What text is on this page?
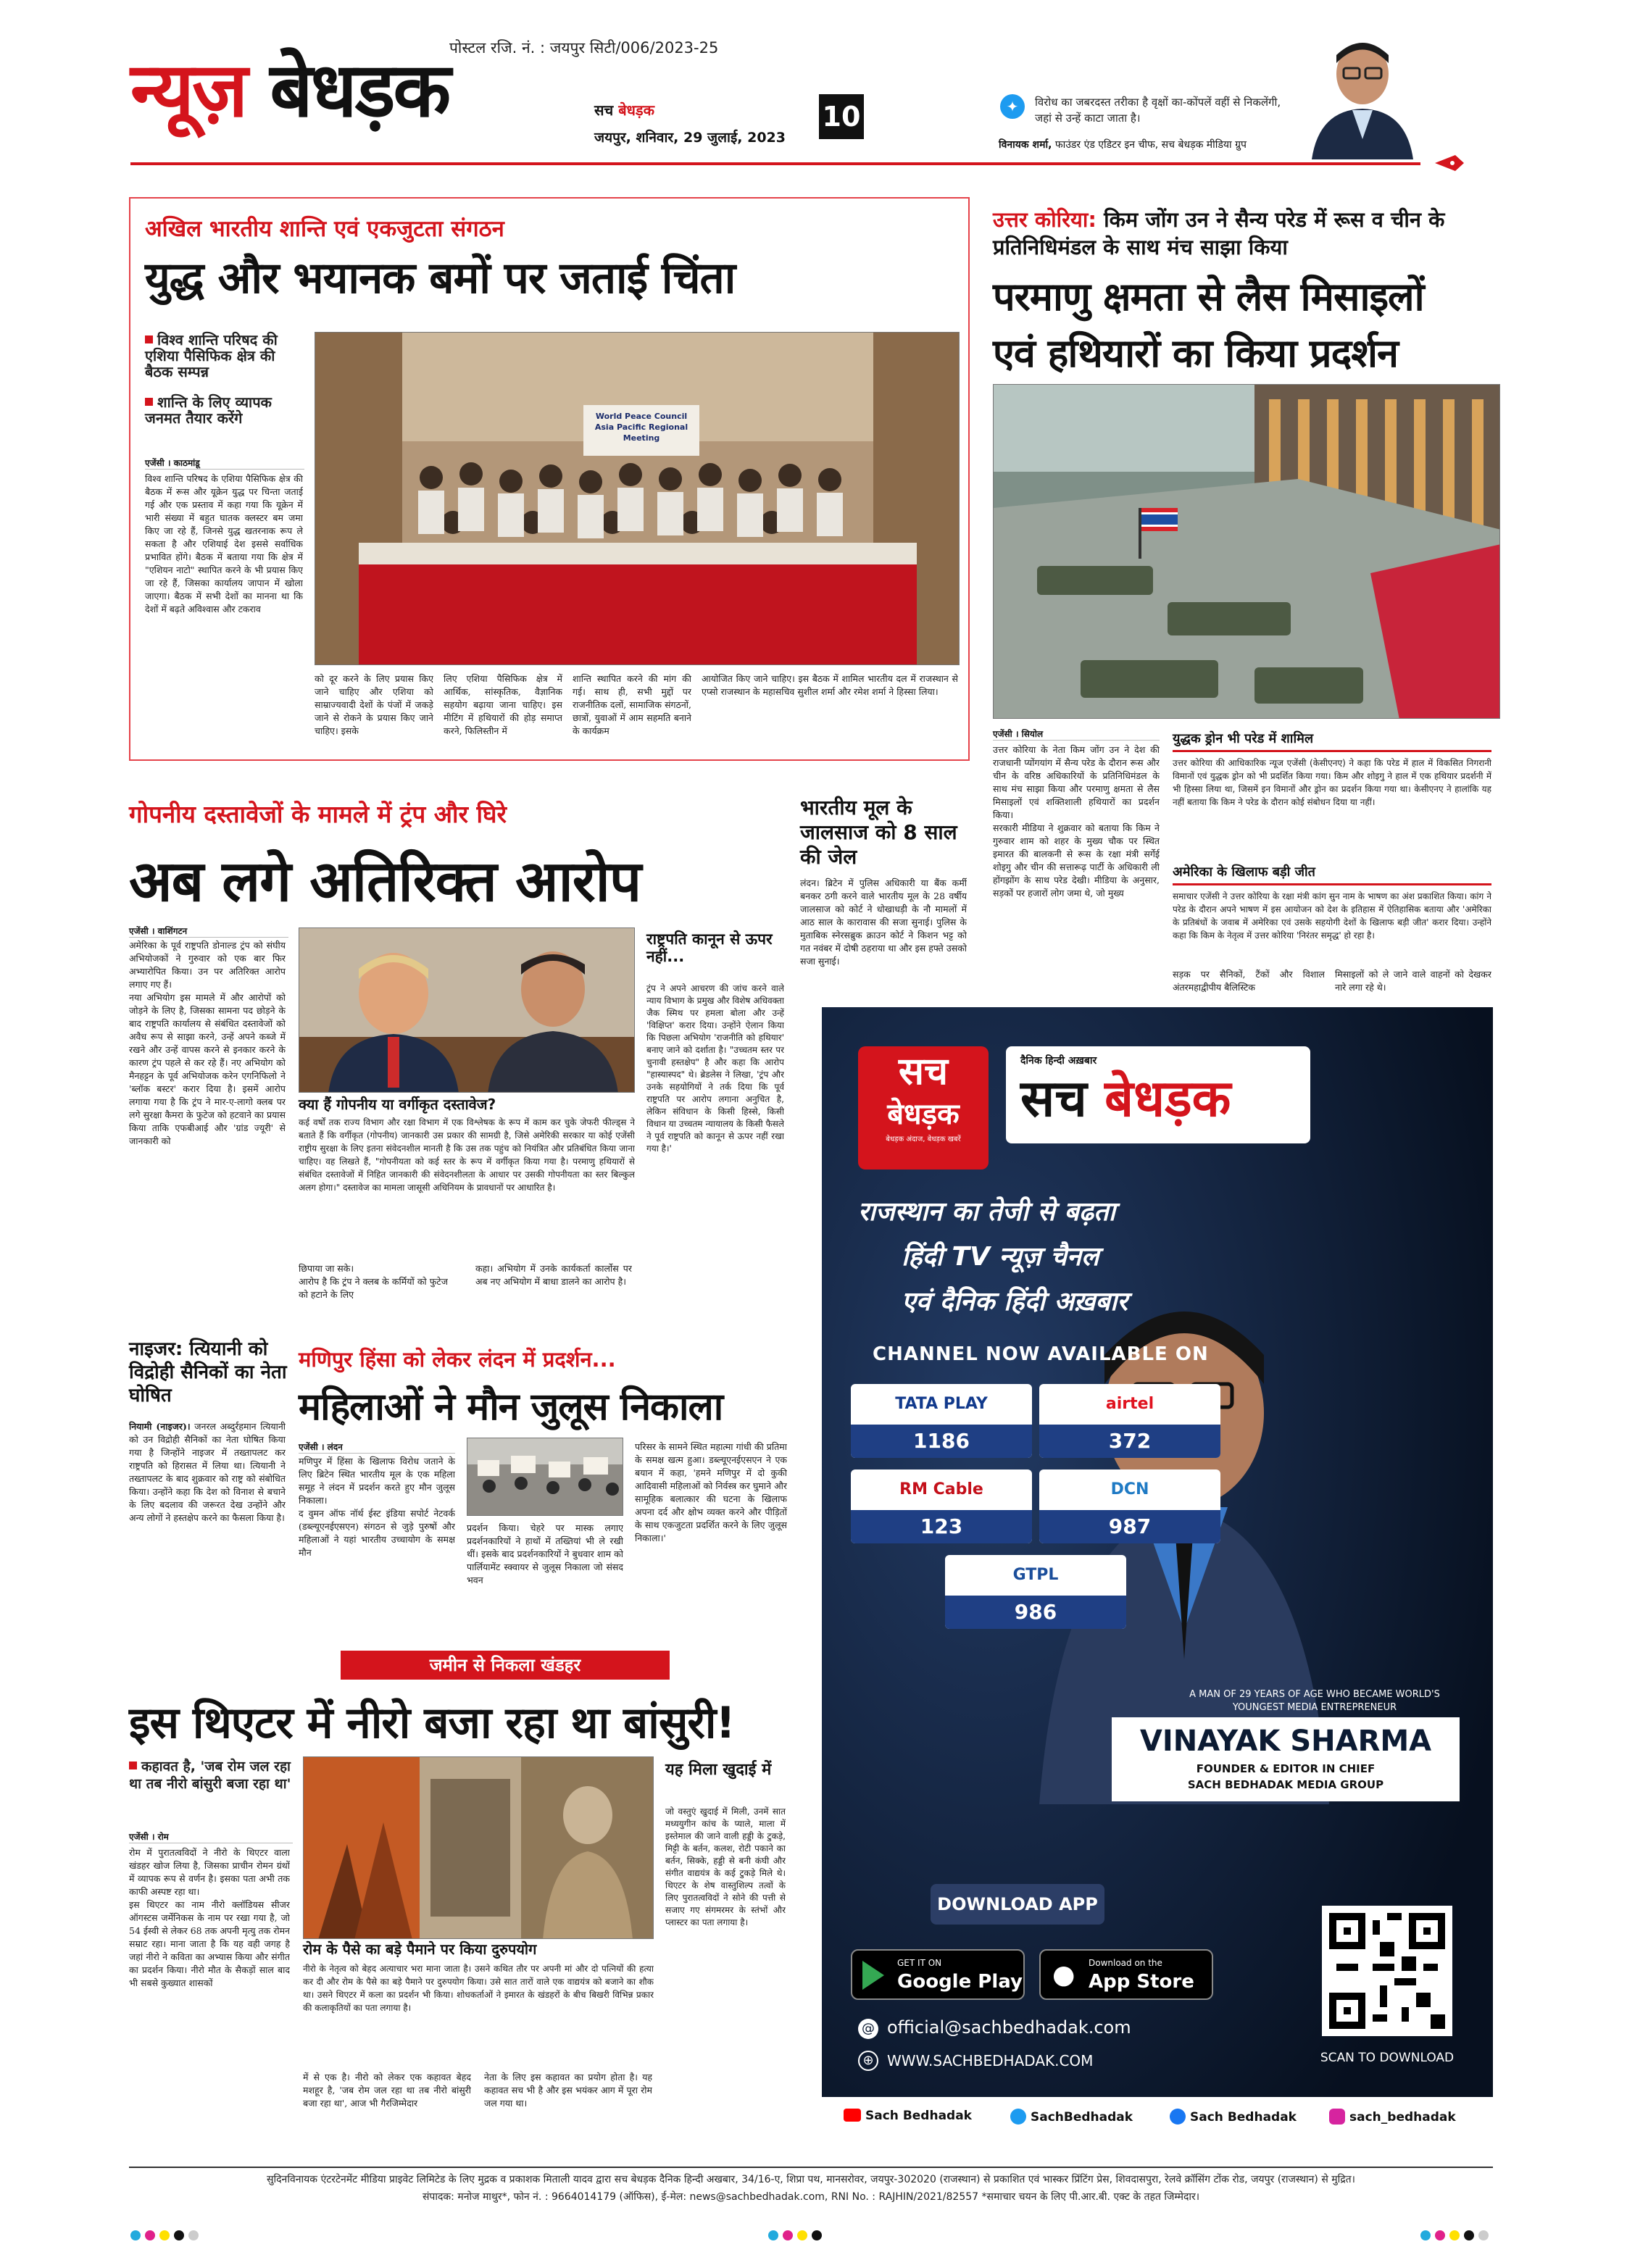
पोस्टल रजि. नं. : जयपुर सिटी/006/2023-25
न्यूज़ बेधड़क	सच बेधड़क
जयपुर, शनिवार, 29 जुलाई, 2023
10	✦	विरोध का जबरदस्त तरीका है वृक्षों का-कोंपलें वहीं से निकलेंगी, जहां से उन्हें काटा जाता है।
विनायक शर्मा, फाउंडर एंड एडिटर इन चीफ, सच बेधड़क मीडिया ग्रुप
अखिल भारतीय शान्ति एवं एकजुटता संगठन
युद्ध और भयानक बमों पर जताई चिंता
विश्व शान्ति परिषद की एशिया पैसिफिक क्षेत्र की बैठक सम्पन्न
शान्ति के लिए व्यापक जनमत तैयार करेंगे
एजेंसी । काठमांडू
विश्व शान्ति परिषद के एशिया पैसिफिक क्षेत्र की बैठक में रूस और यूक्रेन युद्ध पर चिन्ता जताई गई और एक प्रस्ताव में कहा गया कि यूक्रेन में भारी संख्या में बहुत घातक क्लस्टर बम जमा किए जा रहे हैं, जिनसे युद्ध खतरनाक रूप ले सकता है और एशियाई देश इससे सर्वाधिक प्रभावित होंगे। बैठक में बताया गया कि क्षेत्र में "एशियन नाटो" स्थापित करने के भी प्रयास किए जा रहे हैं, जिसका कार्यालय जापान में खोला जाएगा। बैठक में सभी देशों का मानना था कि देशों में बढ़ते अविश्वास और टकराव
World Peace Council Asia Pacific Regional Meeting
को दूर करने के लिए प्रयास किए जाने चाहिए और एशिया को साम्राज्यवादी देशों के पंजों में जकड़े जाने से रोकने के प्रयास किए जाने चाहिए। इसके
लिए एशिया पैसिफिक क्षेत्र में आर्थिक, सांस्कृतिक, वैज्ञानिक सहयोग बढ़ाया जाना चाहिए। इस मीटिंग में हथियारों की होड़ समाप्त करने, फिलिस्तीन में
शान्ति स्थापित करने की मांग की गई। साथ ही, सभी मुद्दों पर राजनीतिक दलों, सामाजिक संगठनों, छात्रों, युवाओं में आम सहमति बनाने के कार्यक्रम
आयोजित किए जाने चाहिए। इस बैठक में शामिल भारतीय दल में राजस्थान से एप्सो राजस्थान के महासचिव सुशील शर्मा और रमेश शर्मा ने हिस्सा लिया।
उत्तर कोरिया: किम जोंग उन ने सैन्य परेड में रूस व चीन के प्रतिनिधिमंडल के साथ मंच साझा किया
परमाणु क्षमता से लैस मिसाइलों
एवं हथियारों का किया प्रदर्शन
एजेंसी । सियोल
उत्तर कोरिया के नेता किम जोंग उन ने देश की राजधानी प्योंगयांग में सैन्य परेड के दौरान रूस और चीन के वरिष्ठ अधिकारियों के प्रतिनिधिमंडल के साथ मंच साझा किया और परमाणु क्षमता से लैस मिसाइलों एवं शक्तिशाली हथियारों का प्रदर्शन किया।
सरकारी मीडिया ने शुक्रवार को बताया कि किम ने गुरुवार शाम को शहर के मुख्य चौक पर स्थित इमारत की बालकनी से रूस के रक्षा मंत्री सर्गेई शोइगु और चीन की सत्तारूढ़ पार्टी के अधिकारी ली होंगझोंग के साथ परेड देखी। मीडिया के अनुसार, सड़कों पर हजारों लोग जमा थे, जो मुख्य
युद्धक ड्रोन भी परेड में शामिल
उत्तर कोरिया की आधिकारिक न्यूज एजेंसी (केसीएनए) ने कहा कि परेड में हाल में विकसित निगरानी विमानों एवं युद्धक ड्रोन को भी प्रदर्शित किया गया। किम और शोइगु ने हाल में एक हथियार प्रदर्शनी में भी हिस्सा लिया था, जिसमें इन विमानों और ड्रोन का प्रदर्शन किया गया था। केसीएनए ने हालांकि यह नहीं बताया कि किम ने परेड के दौरान कोई संबोधन दिया या नहीं।
अमेरिका के खिलाफ बड़ी जीत
समाचार एजेंसी ने उत्तर कोरिया के रक्षा मंत्री कांग सुन नाम के भाषण का अंश प्रकाशित किया। कांग ने परेड के दौरान अपने भाषण में इस आयोजन को देश के इतिहास में ऐतिहासिक बताया और 'अमेरिका के प्रतिबंधों के जवाब में अमेरिका एवं उसके सहयोगी देशों के खिलाफ बड़ी जीत' करार दिया। उन्होंने कहा कि किम के नेतृत्व में उत्तर कोरिया 'निरंतर समृद्ध' हो रहा है।
सड़क पर सैनिकों, टैंकों और विशाल अंतरमहाद्वीपीय बैलिस्टिक
मिसाइलों को ले जाने वाले वाहनों को देखकर नारे लगा रहे थे।
गोपनीय दस्तावेजों के मामले में ट्रंप और घिरे
अब लगे अतिरिक्त आरोप
एजेंसी । वाशिंगटन
अमेरिका के पूर्व राष्ट्रपति डोनाल्ड ट्रंप को संघीय अभियोजकों ने गुरुवार को एक बार फिर अभ्यारोपित किया। उन पर अतिरिक्त आरोप लगाए गए हैं।
नया अभियोग इस मामले में और आरोपों को जोड़ने के लिए है, जिसका सामना पद छोड़ने के बाद राष्ट्रपति कार्यालय से संबंधित दस्तावेजों को अवैध रूप से साझा करने, उन्हें अपने कब्जे में रखने और उन्हें वापस करने से इनकार करने के कारण ट्रंप पहले से कर रहे हैं। नए अभियोग को मैनहट्टन के पूर्व अभियोजक करेन एगनिफिलो ने 'ब्लॉक बस्टर' करार दिया है। इसमें आरोप लगाया गया है कि ट्रंप ने मार-ए-लागो क्लब पर लगे सुरक्षा कैमरा के फुटेज को हटवाने का प्रयास किया ताकि एफबीआई और 'ग्रांड ज्यूरी' से जानकारी को
क्या हैं गोपनीय या वर्गीकृत दस्तावेज?
कई वर्षों तक राज्य विभाग और रक्षा विभाग में एक विश्लेषक के रूप में काम कर चुके जेफरी फील्ड्स ने बताते हैं कि वर्गीकृत (गोपनीय) जानकारी उस प्रकार की सामग्री है, जिसे अमेरिकी सरकार या कोई एजेंसी राष्ट्रीय सुरक्षा के लिए इतना संवेदनशील मानती है कि उस तक पहुंच को नियंत्रित और प्रतिबंधित किया जाना चाहिए। वह लिखते हैं, "गोपनीयता को कई स्तर के रूप में वर्गीकृत किया गया है। परमाणु हथियारों से संबंधित दस्तावेजों में निहित जानकारी की संवेदनशीलता के आधार पर उसकी गोपनीयता का स्तर बिल्कुल अलग होगा।" दस्तावेज का मामला जासूसी अधिनियम के प्रावधानों पर आधारित है।
छिपाया जा सके।
आरोप है कि ट्रंप ने क्लब के कर्मियों को फुटेज को हटाने के लिए
कहा। अभियोग में उनके कार्यकर्ता कार्लोस पर अब नए अभियोग में बाधा डालने का आरोप है।
राष्ट्रपति कानून से ऊपर नहीं...
ट्रंप ने अपने आचरण की जांच करने वाले न्याय विभाग के प्रमुख और विशेष अधिवक्ता जैक स्मिथ पर हमला बोला और उन्हें 'विक्षिप्त' करार दिया। उन्होंने ऐलान किया कि पिछला अभियोग 'राजनीति को हथियार' बनाए जाने को दर्शाता है। "उच्चतम स्तर पर चुनावी हस्तक्षेप" है और कहा कि आरोप "हास्यास्पद" थे। ब्रेडलेस ने लिखा, 'ट्रंप और उनके सहयोगियों ने तर्क दिया कि पूर्व राष्ट्रपति पर आरोप लगाना अनुचित है, लेकिन संविधान के किसी हिस्से, किसी विधान या उच्चतम न्यायालय के किसी फैसले ने पूर्व राष्ट्रपति को कानून से ऊपर नहीं रखा गया है।'
भारतीय मूल के जालसाज को 8 साल की जेल
लंदन। ब्रिटेन में पुलिस अधिकारी या बैंक कर्मी बनकर ठगी करने वाले भारतीय मूल के 28 वर्षीय जालसाज को कोर्ट ने धोखाधड़ी के नौ मामलों में आठ साल के कारावास की सजा सुनाई। पुलिस के मुताबिक स्नेरसब्रुक क्राउन कोर्ट ने किशन भट्ट को गत नवंबर में दोषी ठहराया था और इस हफ्ते उसको सजा सुनाई।
नाइजर: त्यियानी को विद्रोही सैनिकों का नेता घोषित
नियामी (नाइजर)। जनरल अब्दुर्रहमान त्यियानी को उन विद्रोही सैनिकों का नेता घोषित किया गया है जिन्होंने नाइजर में तख्तापलट कर राष्ट्रपति को हिरासत में लिया था। त्यियानी ने तख्तापलट के बाद शुक्रवार को राष्ट्र को संबोधित किया। उन्होंने कहा कि देश को विनाश से बचाने के लिए बदलाव की जरूरत देख उन्होंने और अन्य लोगों ने हस्तक्षेप करने का फैसला किया है।
मणिपुर हिंसा को लेकर लंदन में प्रदर्शन...
महिलाओं ने मौन जुलूस निकाला
एजेंसी । लंदन
मणिपुर में हिंसा के खिलाफ विरोध जताने के लिए ब्रिटेन स्थित भारतीय मूल के एक महिला समूह ने लंदन में प्रदर्शन करते हुए मौन जुलूस निकाला।
द वुमन ऑफ नॉर्थ ईस्ट इंडिया सपोर्ट नेटवर्क (डब्ल्यूएनईएसएन) संगठन से जुड़े पुरुषों और महिलाओं ने यहां भारतीय उच्चायोग के समक्ष मौन
प्रदर्शन किया। चेहरे पर मास्क लगाए प्रदर्शनकारियों ने हाथों में तख्तियां भी ले रखी थीं। इसके बाद प्रदर्शनकारियों ने बुधवार शाम को पार्लियामेंट स्क्वायर से जुलूस निकाला जो संसद भवन
परिसर के सामने स्थित महात्मा गांधी की प्रतिमा के समक्ष खत्म हुआ। डब्ल्यूएनईएसएन ने एक बयान में कहा, 'हमने मणिपुर में दो कुकी आदिवासी महिलाओं को निर्वस्त्र कर घुमाने और सामूहिक बलात्कार की घटना के खिलाफ अपना दर्द और क्षोभ व्यक्त करने और पीड़ितों के साथ एकजुटता प्रदर्शित करने के लिए जुलूस निकाला।'
जमीन से निकला खंडहर
इस थिएटर में नीरो बजा रहा था बांसुरी!
कहावत है, 'जब रोम जल रहा था तब नीरो बांसुरी बजा रहा था'
एजेंसी । रोम
रोम में पुरातत्वविदों ने नीरो के थिएटर वाला खंडहर खोज लिया है, जिसका प्राचीन रोमन ग्रंथों में व्यापक रूप से वर्णन है। इसका पता अभी तक काफी अस्पष्ट रहा था।
इस थिएटर का नाम नीरो क्लॉडियस सीजर ऑगस्टस जर्मेनिकस के नाम पर रखा गया है, जो 54 ईस्वी से लेकर 68 तक अपनी मृत्यु तक रोमन सम्राट रहा। माना जाता है कि यह वही जगह है जहां नीरो ने कविता का अभ्यास किया और संगीत का प्रदर्शन किया। नीरो मौत के सैकड़ों साल बाद भी सबसे कुख्यात शासकों
रोम के पैसे का बड़े पैमाने पर किया दुरुपयोग
नीरो के नेतृत्व को बेहद अत्याचार भरा माना जाता है। उसने कथित तौर पर अपनी मां और दो पत्नियों की हत्या कर दी और रोम के पैसे का बड़े पैमाने पर दुरुपयोग किया। उसे सात तारों वाले एक वाद्ययंत्र को बजाने का शौक था। उसने थिएटर में कला का प्रदर्शन भी किया। शोधकर्ताओं ने इमारत के खंडहरों के बीच बिखरी विभिन्न प्रकार की कलाकृतियों का पता लगाया है।
में से एक है। नीरो को लेकर एक कहावत बेहद मशहूर है, 'जब रोम जल रहा था तब नीरो बांसुरी बजा रहा था', आज भी गैरजिम्मेदार
नेता के लिए इस कहावत का प्रयोग होता है। यह कहावत सच भी है और इस भयंकर आग में पूरा रोम जल गया था।
यह मिला खुदाई में
जो वस्तुएं खुदाई में मिली, उनमें सात मध्ययुगीन कांच के प्याले, माला में इस्तेमाल की जाने वाली हड्डी के टुकड़े, मिट्टी के बर्तन, कलश, रोटी पकाने का बर्तन, सिक्के, हड्डी से बनी कंघी और संगीत वाद्ययंत्र के कई टुकड़े मिले थे। थिएटर के शेष वास्तुशिल्प तत्वों के लिए पुरातत्वविदों ने सोने की पत्ती से सजाए गए संगमरमर के स्तंभों और प्लास्टर का पता लगाया है।
सच
बेधड़क
बेधड़क अंदाज, बेधड़क खबरें
दैनिक हिन्दी अख़बार
सच बेधड़क
राजस्थान का तेजी से बढ़ता
हिंदी TV न्यूज़ चैनल
एवं दैनिक हिंदी अख़बार
CHANNEL NOW AVAILABLE ON
TATA PLAY
1186
airtel
372
RM Cable
123
DCN
987
GTPL
986
A MAN OF 29 YEARS OF AGE WHO BECAME WORLD'S YOUNGEST MEDIA ENTREPRENEUR
VINAYAK SHARMA
FOUNDER & EDITOR IN CHIEF
SACH BEDHADAK MEDIA GROUP
DOWNLOAD APP
GET IT ON
Google Play ● Download on the
App Store
@ official@sachbedhadak.com
⊕ WWW.SACHBEDHADAK.COM	SCAN TO DOWNLOAD
Sach Bedhadak	SachBedhadak	Sach Bedhadak	sach_bedhadak
सुदिनविनायक एंटरटेनमेंट मीडिया प्राइवेट लिमिटेड के लिए मुद्रक व प्रकाशक मिताली यादव द्वारा सच बेधड़क दैनिक हिन्दी अखबार, 34/16-ए, शिप्रा पथ, मानसरोवर, जयपुर-302020 (राजस्थान) से प्रकाशित एवं भास्कर प्रिंटिंग प्रेस, शिवदासपुरा, रेलवे क्रॉसिंग टोंक रोड, जयपुर (राजस्थान) से मुद्रित।
संपादक: मनोज माथुर*, फोन नं. : 9664014179 (ऑफिस), ई-मेल: news@sachbedhadak.com, RNI No. : RAJHIN/2021/82557 *समाचार चयन के लिए पी.आर.बी. एक्ट के तहत जिम्मेदार।
